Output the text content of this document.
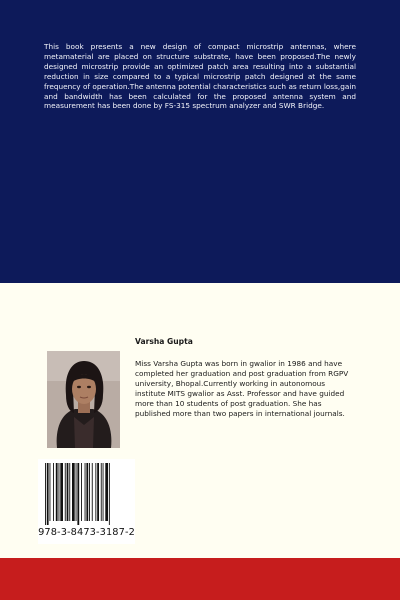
This book presents a new design of compact microstrip antennas, where metamaterial are placed on structure substrate, have been proposed.The newly designed microstrip provide an optimized patch area resulting into a substantial reduction in size compared to a typical microstrip patch designed at the same frequency of operation.The antenna potential characteristics such as return loss,gain and bandwidth has been calculated for the proposed antenna system and measurement has been done by FS-315 spectrum analyzer and SWR Bridge.

Varsha Gupta

Miss Varsha Gupta was born in gwalior in 1986 and have completed her graduation and post graduation from RGPV university, Bhopal.Currently working in autonomous institute MITS gwalior as Asst. Professor and have guided more than 10 students of post graduation. She has published more than two papers in international journals.

978-3-8473-3187-2
